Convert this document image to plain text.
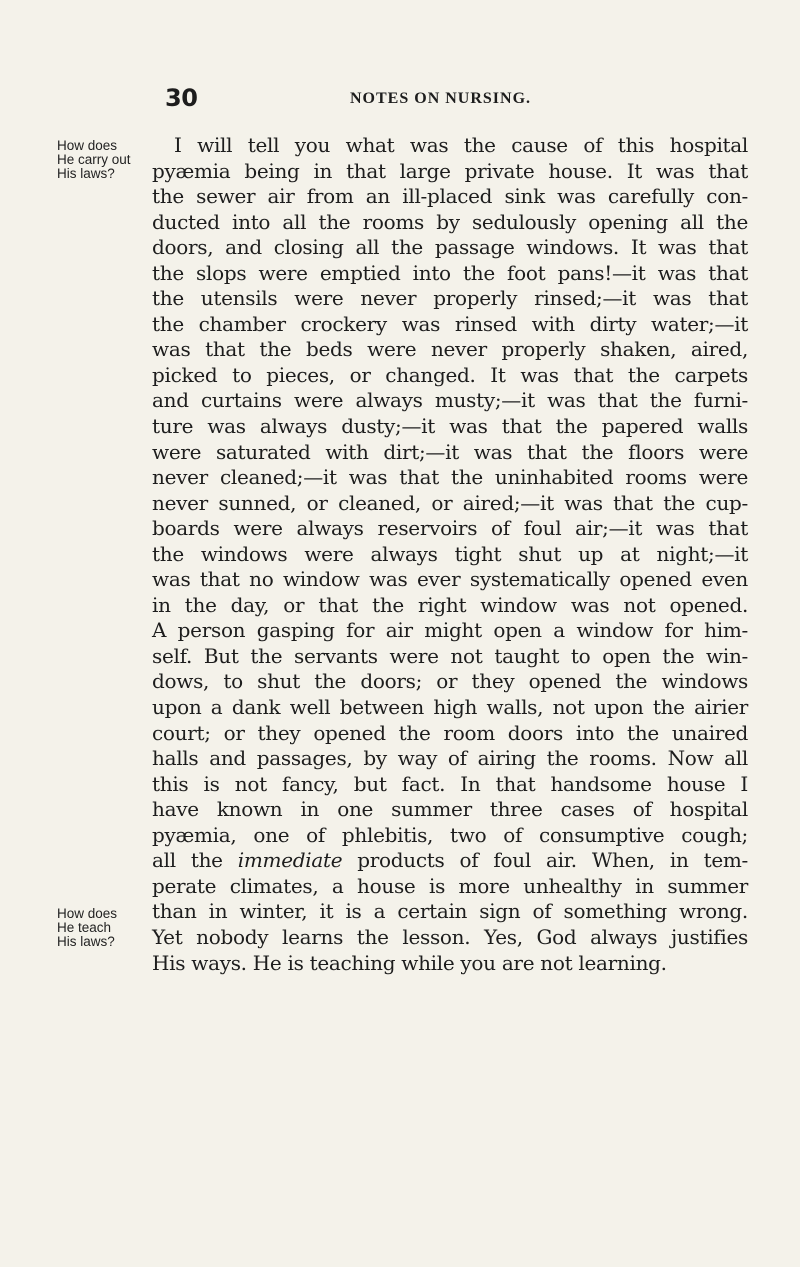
30	NOTES ON NURSING.
How does
He carry out
His laws?
How does
He teach
His laws?
I will tell you what was the cause of this hospital
pyæmia being in that large private house. It was that
the sewer air from an ill-placed sink was carefully con-
ducted into all the rooms by sedulously opening all the
doors, and closing all the passage windows. It was that
the slops were emptied into the foot pans!—it was that
the utensils were never properly rinsed;—it was that
the chamber crockery was rinsed with dirty water;—it
was that the beds were never properly shaken, aired,
picked to pieces, or changed. It was that the carpets
and curtains were always musty;—it was that the furni-
ture was always dusty;—it was that the papered walls
were saturated with dirt;—it was that the floors were
never cleaned;—it was that the uninhabited rooms were
never sunned, or cleaned, or aired;—it was that the cup-
boards were always reservoirs of foul air;—it was that
the windows were always tight shut up at night;—it
was that no window was ever systematically opened even
in the day, or that the right window was not opened.
A person gasping for air might open a window for him-
self. But the servants were not taught to open the win-
dows, to shut the doors; or they opened the windows
upon a dank well between high walls, not upon the airier
court; or they opened the room doors into the unaired
halls and passages, by way of airing the rooms. Now all
this is not fancy, but fact. In that handsome house I
have known in one summer three cases of hospital
pyæmia, one of phlebitis, two of consumptive cough;
all the immediate products of foul air. When, in tem-
perate climates, a house is more unhealthy in summer
than in winter, it is a certain sign of something wrong.
Yet nobody learns the lesson. Yes, God always justifies
His ways. He is teaching while you are not learning.
